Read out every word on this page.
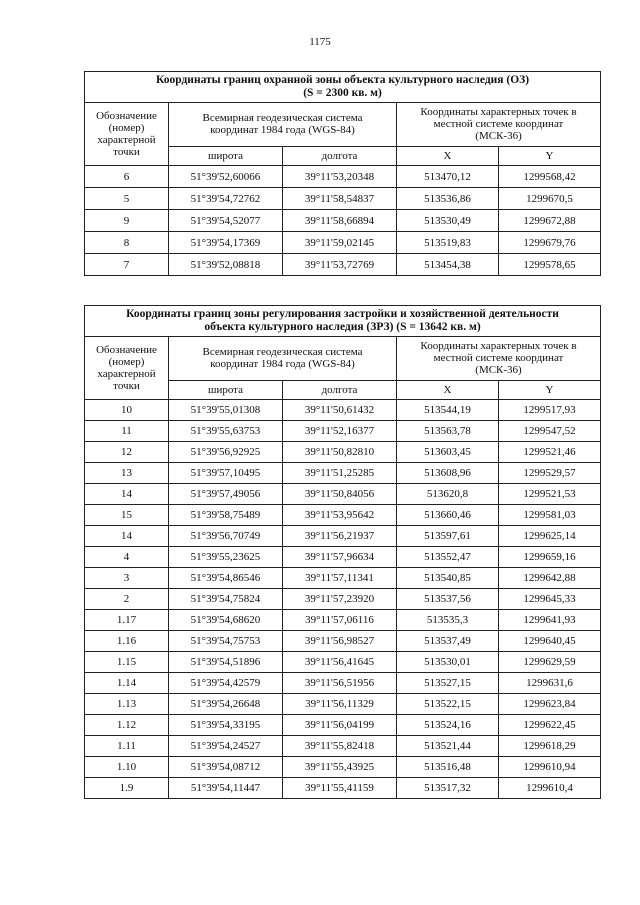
1175
Координаты границ охранной зоны объекта культурного наследия (ОЗ)
(S = 2300 кв. м)				

Обозначение
(номер)
характерной
точки	Всемирная геодезическая система
координат 1984 года (WGS-84)		Координаты характерных точек в
местной системе координат
(МСК-36)	

	широта	долгота	X	Y
6	51°39'52,60066	39°11'53,20348	513470,12	1299568,42
5	51°39'54,72762	39°11'58,54837	513536,86	1299670,5
9	51°39'54,52077	39°11'58,66894	513530,49	1299672,88
8	51°39'54,17369	39°11'59,02145	513519,83	1299679,76
7	51°39'52,08818	39°11'53,72769	513454,38	1299578,65
Координаты границ зоны регулирования застройки и хозяйственной деятельности
объекта культурного наследия (ЗРЗ) (S = 13642 кв. м)				

Обозначение
(номер)
характерной
точки	Всемирная геодезическая система
координат 1984 года (WGS-84)		Координаты характерных точек в
местной системе координат
(МСК-36)	

	широта	долгота	X	Y
10	51°39'55,01308	39°11'50,61432	513544,19	1299517,93
11	51°39'55,63753	39°11'52,16377	513563,78	1299547,52
12	51°39'56,92925	39°11'50,82810	513603,45	1299521,46
13	51°39'57,10495	39°11'51,25285	513608,96	1299529,57
14	51°39'57,49056	39°11'50,84056	513620,8	1299521,53
15	51°39'58,75489	39°11'53,95642	513660,46	1299581,03
14	51°39'56,70749	39°11'56,21937	513597,61	1299625,14
4	51°39'55,23625	39°11'57,96634	513552,47	1299659,16
3	51°39'54,86546	39°11'57,11341	513540,85	1299642,88
2	51°39'54,75824	39°11'57,23920	513537,56	1299645,33
1.17	51°39'54,68620	39°11'57,06116	513535,3	1299641,93
1.16	51°39'54,75753	39°11'56,98527	513537,49	1299640,45
1.15	51°39'54,51896	39°11'56,41645	513530,01	1299629,59
1.14	51°39'54,42579	39°11'56,51956	513527,15	1299631,6
1.13	51°39'54,26648	39°11'56,11329	513522,15	1299623,84
1.12	51°39'54,33195	39°11'56,04199	513524,16	1299622,45
1.11	51°39'54,24527	39°11'55,82418	513521,44	1299618,29
1.10	51°39'54,08712	39°11'55,43925	513516,48	1299610,94
1.9	51°39'54,11447	39°11'55,41159	513517,32	1299610,4
